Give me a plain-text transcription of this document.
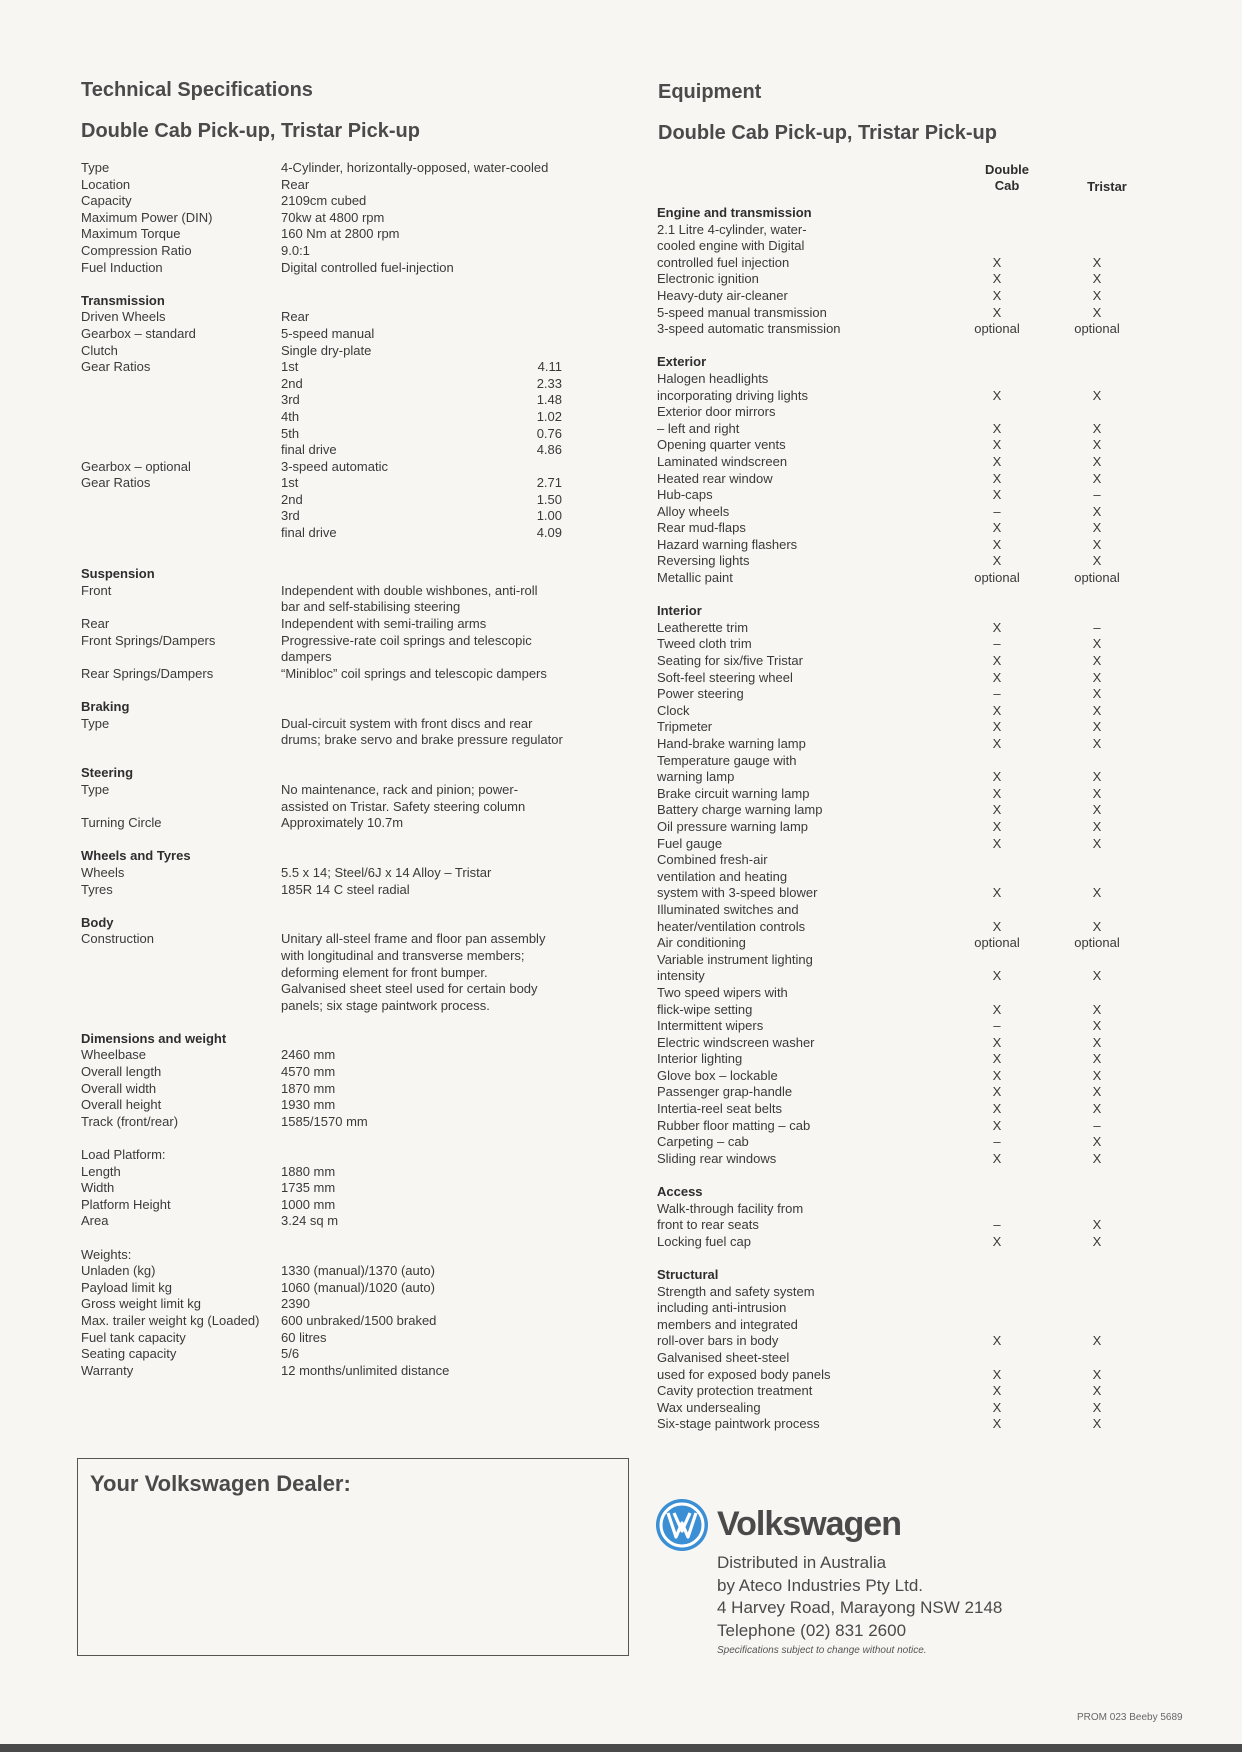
Technical Specifications
Double Cab Pick-up, Tristar Pick-up
Equipment
Double Cab Pick-up, Tristar Pick-up
Double
Cab	Tristar
Type	4-Cylinder, horizontally-opposed, water-cooled
Location	Rear
Capacity	2109cm cubed
Maximum Power (DIN)	70kw at 4800 rpm
Maximum Torque	160 Nm at 2800 rpm
Compression Ratio	9.0:1
Fuel Induction	Digital controlled fuel-injection
Transmission
Driven Wheels	Rear
Gearbox – standard	5-speed manual
Clutch	Single dry-plate
Gear Ratios	1st	4.11
2nd	2.33
3rd	1.48
4th	1.02
5th	0.76
final drive	4.86
Gearbox – optional	3-speed automatic
Gear Ratios	1st	2.71
2nd	1.50
3rd	1.00
final drive	4.09
Suspension
Front	Independent with double wishbones, anti-roll
bar and self-stabilising steering
Rear	Independent with semi-trailing arms
Front Springs/Dampers	Progressive-rate coil springs and telescopic
dampers
Rear Springs/Dampers	“Minibloc” coil springs and telescopic dampers
Braking
Type	Dual-circuit system with front discs and rear
drums; brake servo and brake pressure regulator
Steering
Type	No maintenance, rack and pinion; power-
assisted on Tristar. Safety steering column
Turning Circle	Approximately 10.7m
Wheels and Tyres
Wheels	5.5 x 14; Steel/6J x 14 Alloy – Tristar
Tyres	185R 14 C steel radial
Body
Construction	Unitary all-steel frame and floor pan assembly
with longitudinal and transverse members;
deforming element for front bumper.
Galvanised sheet steel used for certain body
panels; six stage paintwork process.
Dimensions and weight
Wheelbase	2460 mm
Overall length	4570 mm
Overall width	1870 mm
Overall height	1930 mm
Track (front/rear)	1585/1570 mm
Load Platform:
Length	1880 mm
Width	1735 mm
Platform Height	1000 mm
Area	3.24 sq m
Weights:
Unladen (kg)	1330 (manual)/1370 (auto)
Payload limit kg	1060 (manual)/1020 (auto)
Gross weight limit kg	2390
Max. trailer weight kg (Loaded)	600 unbraked/1500 braked
Fuel tank capacity	60 litres
Seating capacity	5/6
Warranty	12 months/unlimited distance
Engine and transmission
2.1 Litre 4-cylinder, water-
cooled engine with Digital
controlled fuel injection	X	X
Electronic ignition	X	X
Heavy-duty air-cleaner	X	X
5-speed manual transmission	X	X
3-speed automatic transmission	optional	optional
Exterior
Halogen headlights
incorporating driving lights	X	X
Exterior door mirrors
– left and right	X	X
Opening quarter vents	X	X
Laminated windscreen	X	X
Heated rear window	X	X
Hub-caps	X	–
Alloy wheels	–	X
Rear mud-flaps	X	X
Hazard warning flashers	X	X
Reversing lights	X	X
Metallic paint	optional	optional
Interior
Leatherette trim	X	–
Tweed cloth trim	–	X
Seating for six/five Tristar	X	X
Soft-feel steering wheel	X	X
Power steering	–	X
Clock	X	X
Tripmeter	X	X
Hand-brake warning lamp	X	X
Temperature gauge with
warning lamp	X	X
Brake circuit warning lamp	X	X
Battery charge warning lamp	X	X
Oil pressure warning lamp	X	X
Fuel gauge	X	X
Combined fresh-air
ventilation and heating
system with 3-speed blower	X	X
Illuminated switches and
heater/ventilation controls	X	X
Air conditioning	optional	optional
Variable instrument lighting
intensity	X	X
Two speed wipers with
flick-wipe setting	X	X
Intermittent wipers	–	X
Electric windscreen washer	X	X
Interior lighting	X	X
Glove box – lockable	X	X
Passenger grap-handle	X	X
Intertia-reel seat belts	X	X
Rubber floor matting – cab	X	–
Carpeting – cab	–	X
Sliding rear windows	X	X
Access
Walk-through facility from
front to rear seats	–	X
Locking fuel cap	X	X
Structural
Strength and safety system
including anti-intrusion
members and integrated
roll-over bars in body	X	X
Galvanised sheet-steel
used for exposed body panels	X	X
Cavity protection treatment	X	X
Wax undersealing	X	X
Six-stage paintwork process	X	X
Your Volkswagen Dealer:
Volkswagen
Distributed in Australia
by Ateco Industries Pty Ltd.
4 Harvey Road, Marayong NSW 2148
Telephone (02) 831 2600
Specifications subject to change without notice.
PROM 023 Beeby 5689
